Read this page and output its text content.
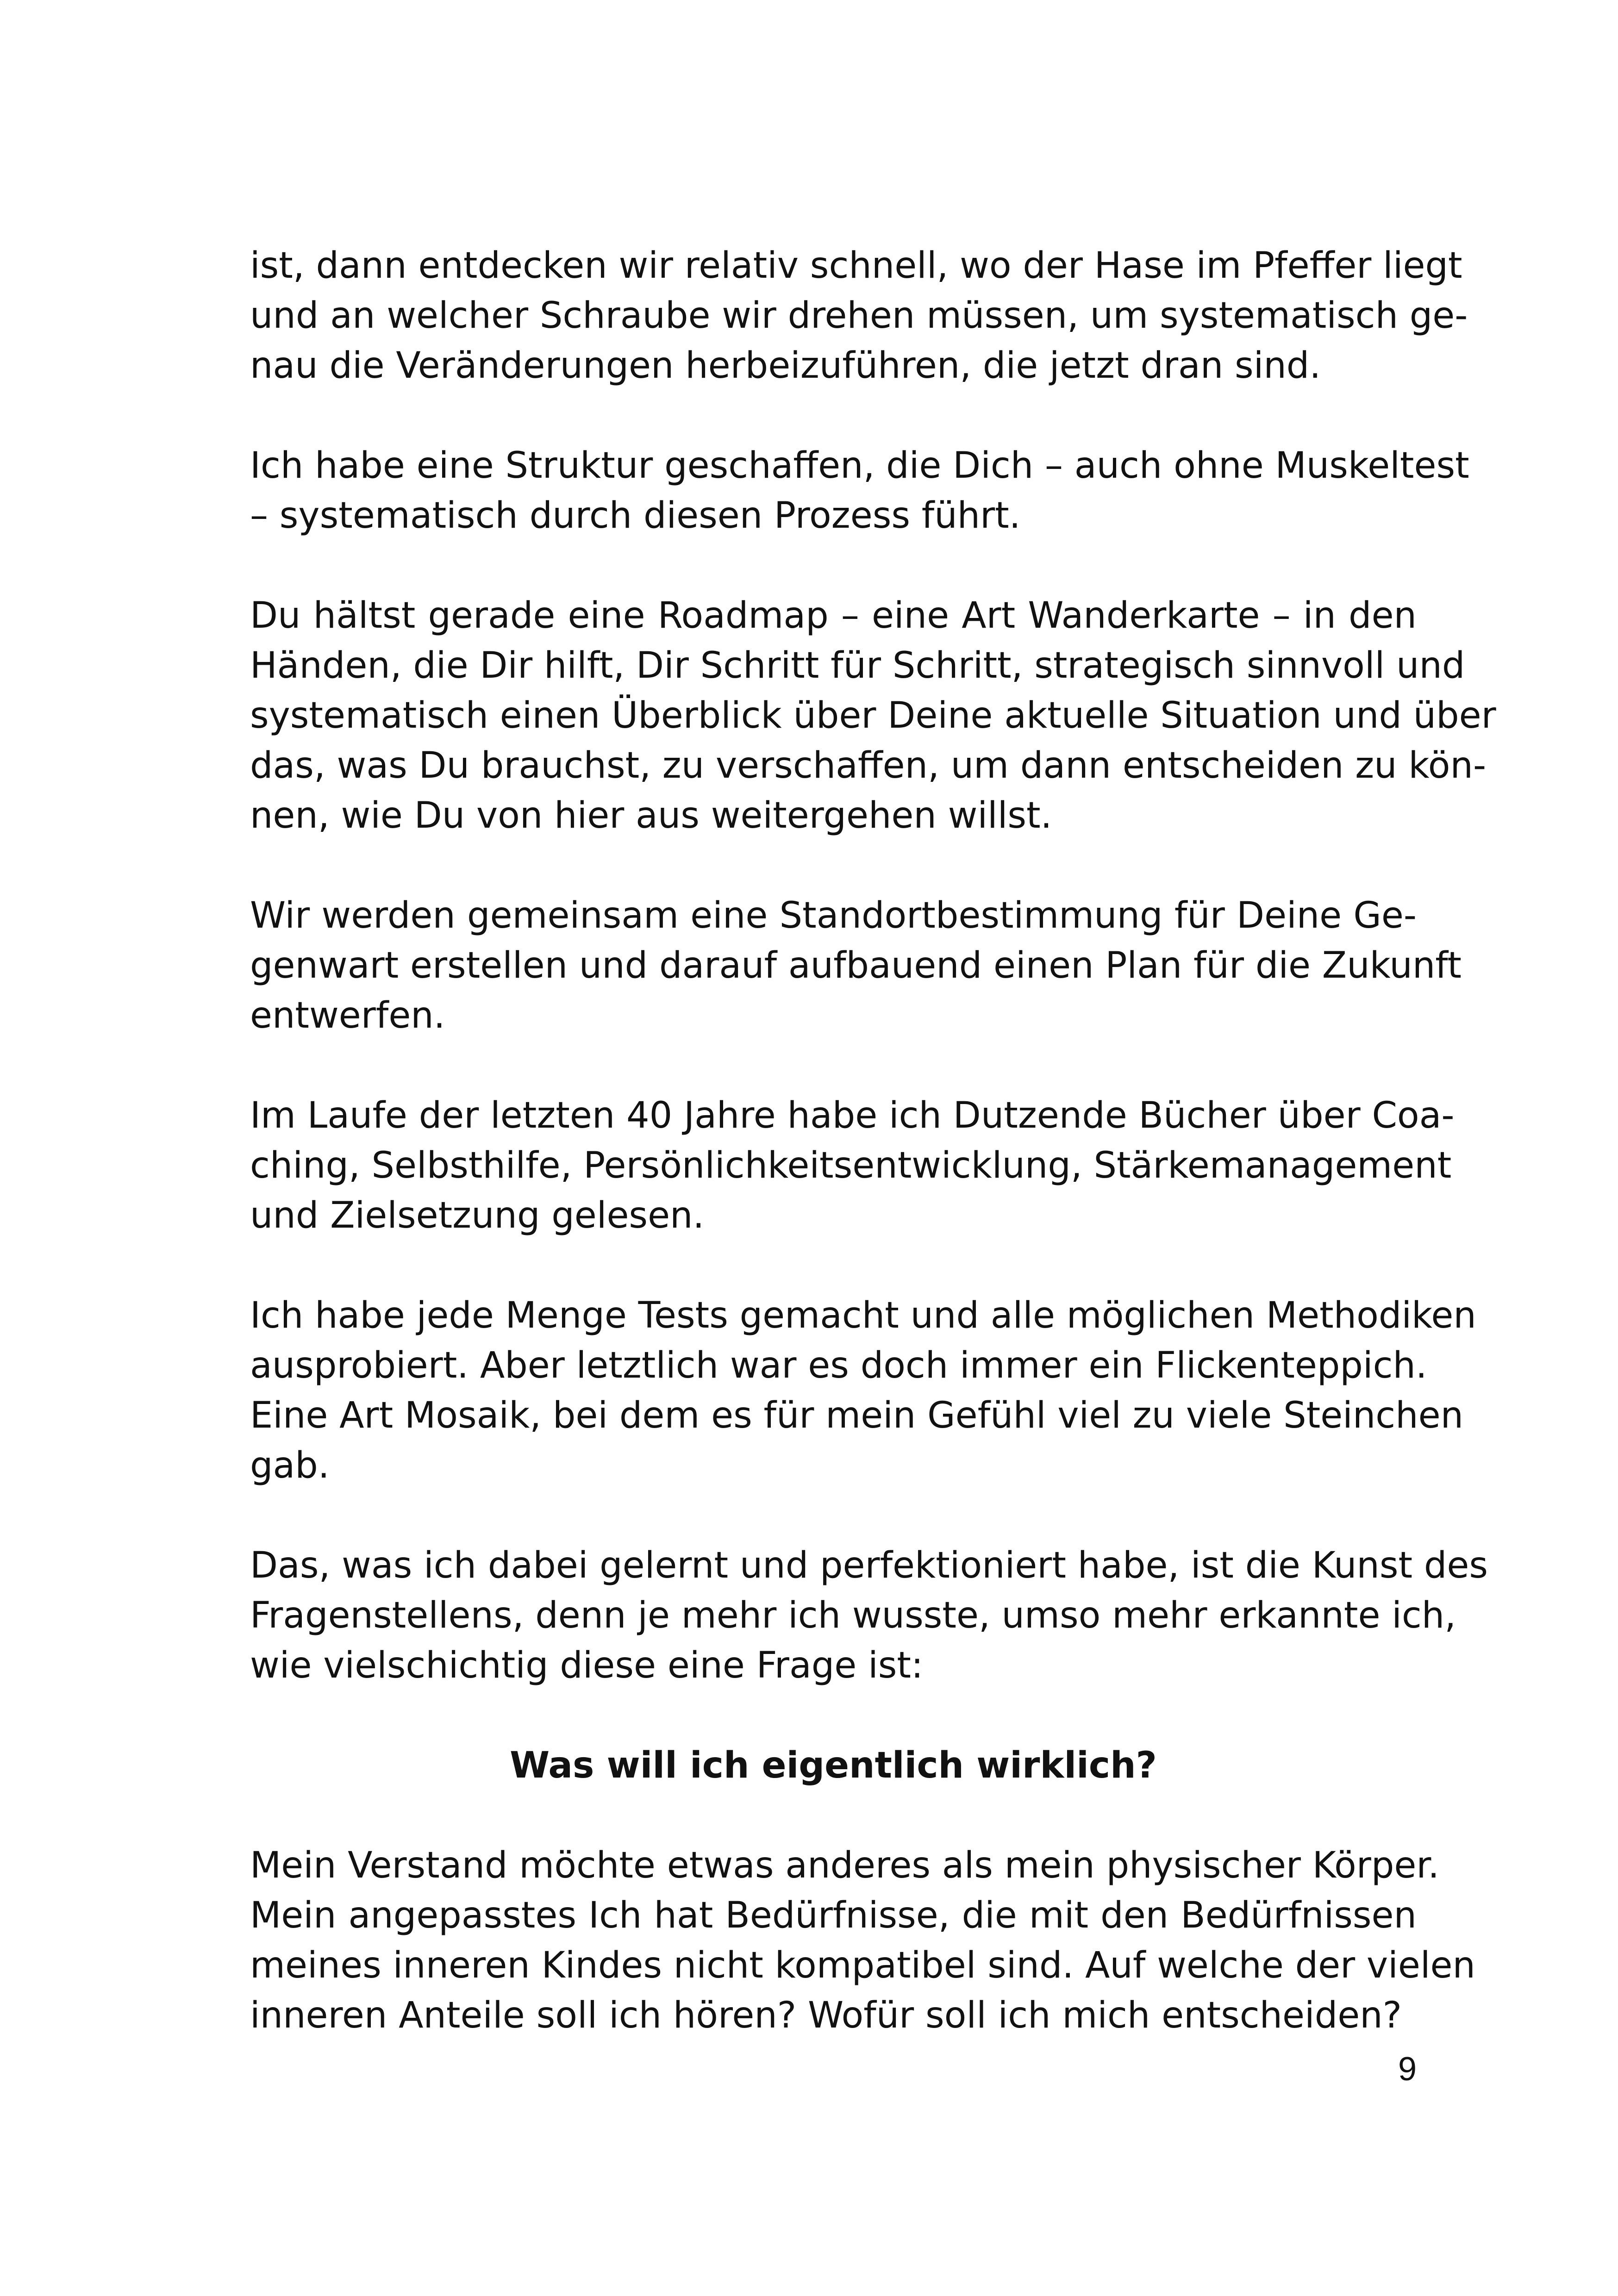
ist, dann entdecken wir relativ schnell, wo der Hase im Pfeffer liegt
und an welcher Schraube wir drehen müssen, um systematisch ge-
nau die Veränderungen herbeizuführen, die jetzt dran sind.

Ich habe eine Struktur geschaffen, die Dich – auch ohne Muskeltest
– systematisch durch diesen Prozess führt.

Du hältst gerade eine Roadmap – eine Art Wanderkarte – in den
Händen, die Dir hilft, Dir Schritt für Schritt, strategisch sinnvoll und
systematisch einen Überblick über Deine aktuelle Situation und über
das, was Du brauchst, zu verschaffen, um dann entscheiden zu kön-
nen, wie Du von hier aus weitergehen willst.

Wir werden gemeinsam eine Standortbestimmung für Deine Ge-
genwart erstellen und darauf aufbauend einen Plan für die Zukunft
entwerfen.

Im Laufe der letzten 40 Jahre habe ich Dutzende Bücher über Coa-
ching, Selbsthilfe, Persönlichkeitsentwicklung, Stärkemanagement
und Zielsetzung gelesen.

Ich habe jede Menge Tests gemacht und alle möglichen Methodiken
ausprobiert. Aber letztlich war es doch immer ein Flickenteppich.
Eine Art Mosaik, bei dem es für mein Gefühl viel zu viele Steinchen
gab.

Das, was ich dabei gelernt und perfektioniert habe, ist die Kunst des
Fragenstellens, denn je mehr ich wusste, umso mehr erkannte ich,
wie vielschichtig diese eine Frage ist:

Was will ich eigentlich wirklich?

Mein Verstand möchte etwas anderes als mein physischer Körper.
Mein angepasstes Ich hat Bedürfnisse, die mit den Bedürfnissen
meines inneren Kindes nicht kompatibel sind. Auf welche der vielen
inneren Anteile soll ich hören? Wofür soll ich mich entscheiden?

9
